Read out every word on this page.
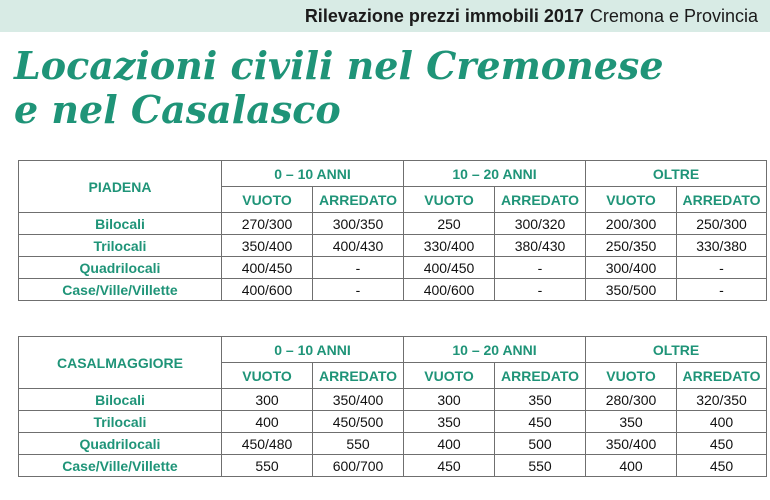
Rilevazione prezzi immobili 2017 Cremona e Provincia
Locazioni civili nel Cremonese
e nel Casalasco
PIADENA	0 – 10 ANNI		10 – 20 ANNI		OLTRE	
	VUOTO	ARREDATO	VUOTO	ARREDATO	VUOTO	ARREDATO
Bilocali	270/300	300/350	250	300/320	200/300	250/300
Trilocali	350/400	400/430	330/400	380/430	250/350	330/380
Quadrilocali	400/450	-	400/450	-	300/400	-
Case/Ville/Villette	400/600	-	400/600	-	350/500	-
CASALMAGGIORE	0 – 10 ANNI		10 – 20 ANNI		OLTRE	
	VUOTO	ARREDATO	VUOTO	ARREDATO	VUOTO	ARREDATO
Bilocali	300	350/400	300	350	280/300	320/350
Trilocali	400	450/500	350	450	350	400
Quadrilocali	450/480	550	400	500	350/400	450
Case/Ville/Villette	550	600/700	450	550	400	450
